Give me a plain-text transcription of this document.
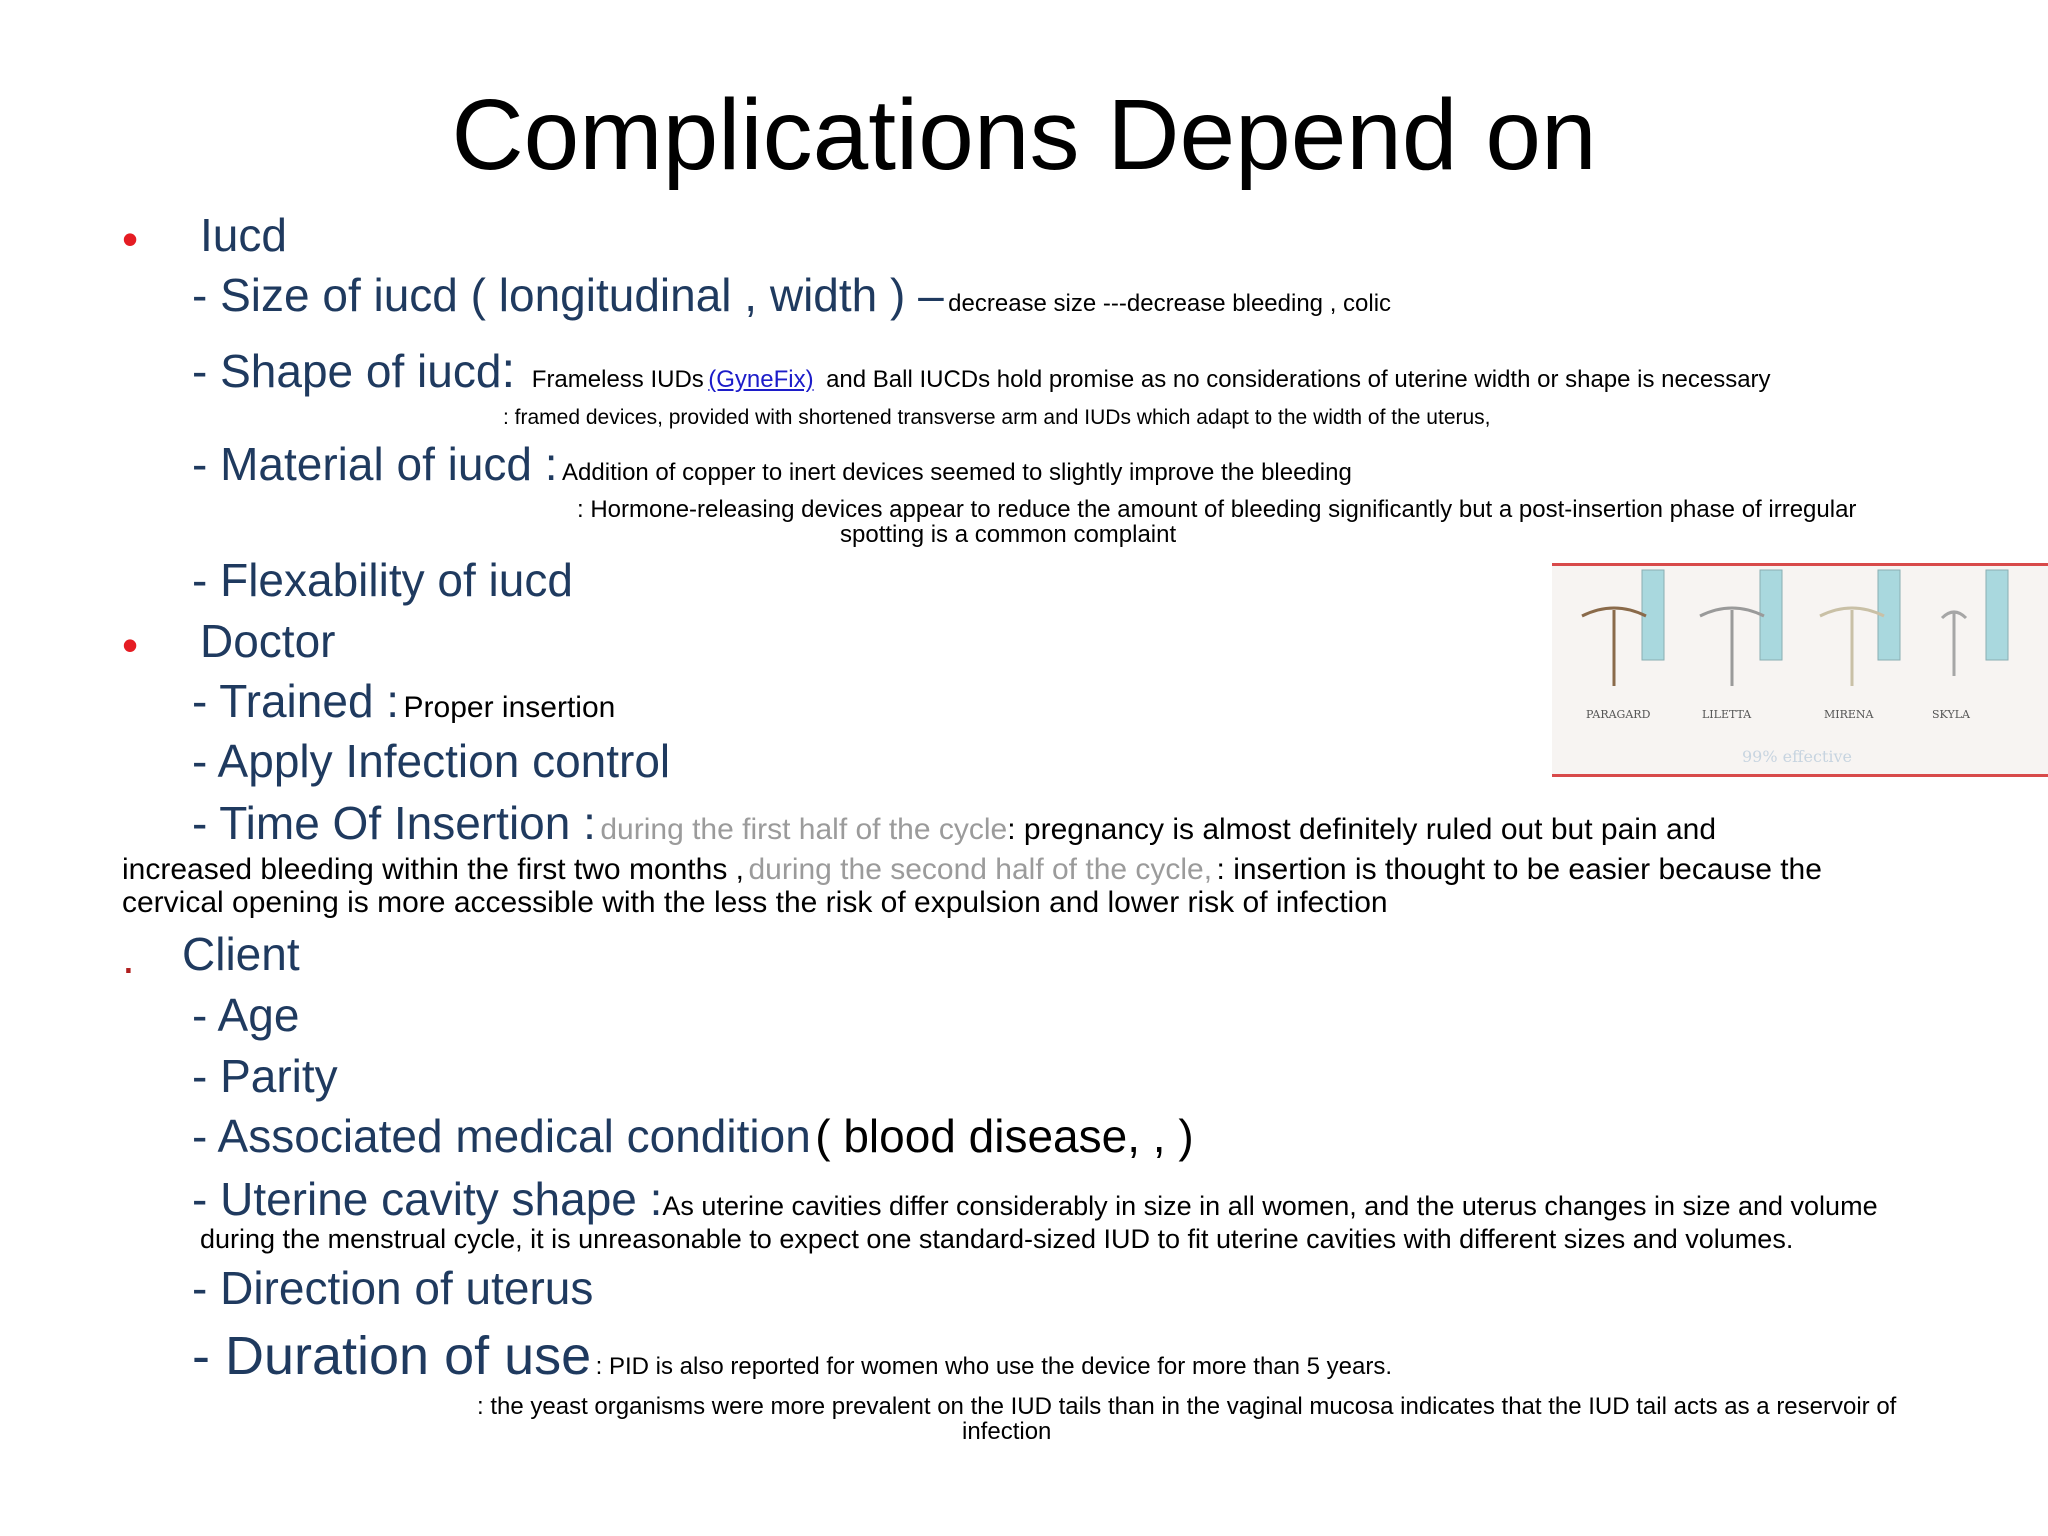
Complications Depend on
• Iucd
- Size of iucd ( longitudinal , width ) – decrease size ---decrease bleeding , colic
- Shape of iucd: Frameless IUDs (GyneFix) and Ball IUCDs hold promise as no considerations of uterine width or shape is necessary
: framed devices, provided with shortened transverse arm and IUDs which adapt to the width of the uterus,
- Material of iucd : Addition of copper to inert devices seemed to slightly improve the bleeding
: Hormone-releasing devices appear to reduce the amount of bleeding significantly but a post-insertion phase of irregular
spotting is a common complaint
- Flexability of iucd
PARAGARD	LILETTA	MIRENA	SKYLA
99% effective
• Doctor
- Trained : Proper insertion
- Apply Infection control
- Time Of Insertion : during the first half of the cycle: pregnancy is almost definitely ruled out but pain and
increased bleeding within the first two months , during the second half of the cycle, : insertion is thought to be easier because the
cervical opening is more accessible with the less the risk of expulsion and lower risk of infection
. Client
- Age
- Parity
- Associated medical condition ( blood disease, , )
- Uterine cavity shape :As uterine cavities differ considerably in size in all women, and the uterus changes in size and volume
during the menstrual cycle, it is unreasonable to expect one standard-sized IUD to fit uterine cavities with different sizes and volumes.
- Direction of uterus
- Duration of use : PID is also reported for women who use the device for more than 5 years.
: the yeast organisms were more prevalent on the IUD tails than in the vaginal mucosa indicates that the IUD tail acts as a reservoir of
infection
